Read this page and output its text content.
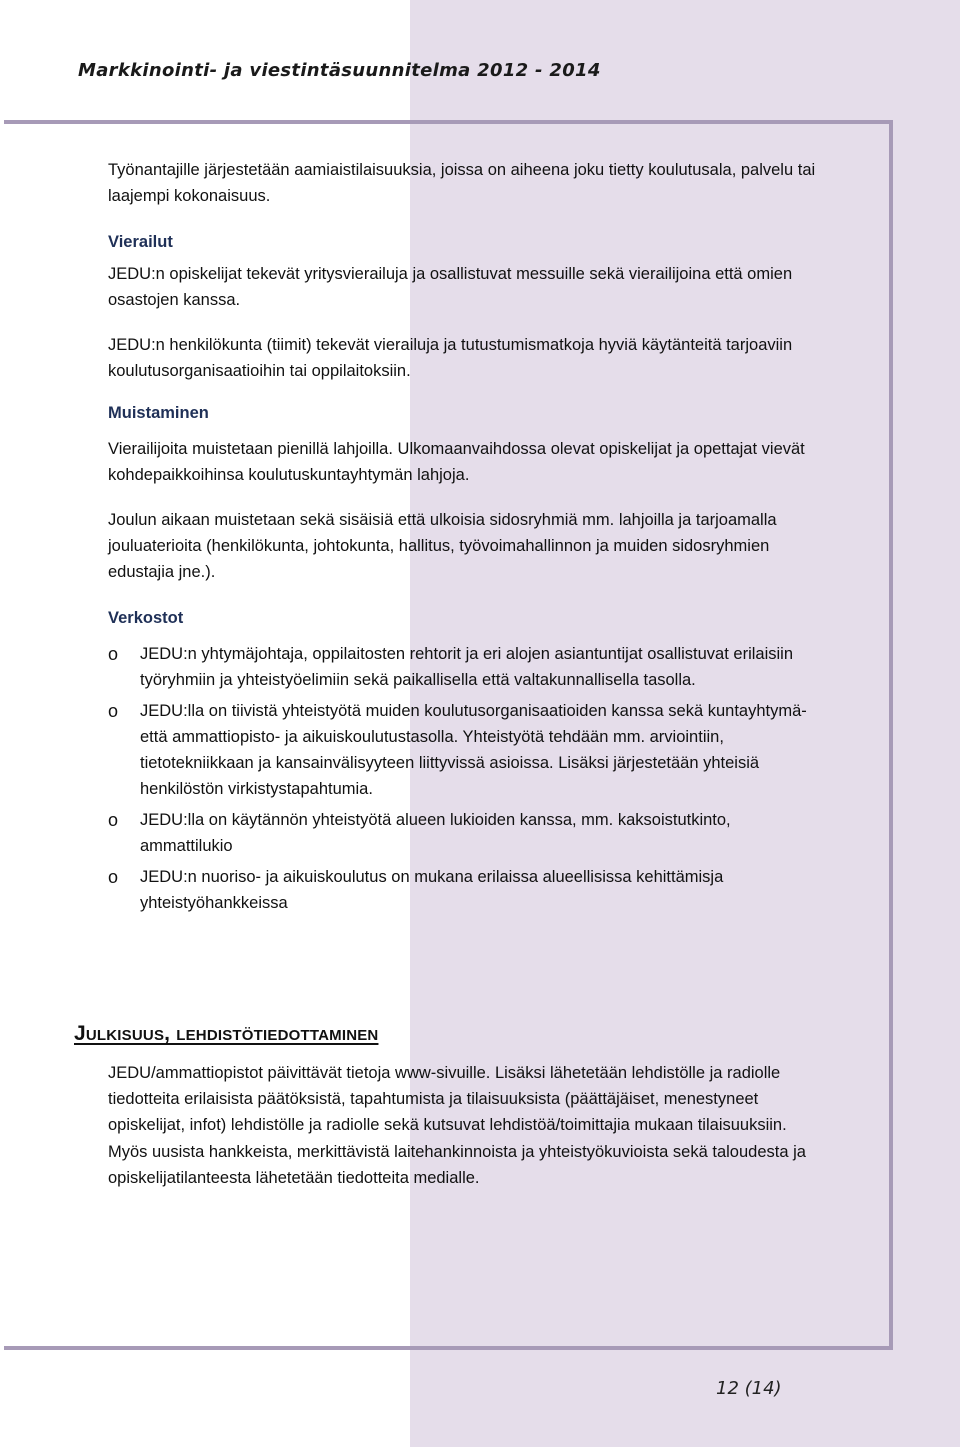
Markkinointi- ja viestintäsuunnitelma 2012 - 2014

Työnantajille järjestetään aamiaistilaisuuksia, joissa on aiheena joku tietty koulutusala, palvelu tai laajempi kokonaisuus.

Vierailut

JEDU:n opiskelijat tekevät yritysvierailuja ja osallistuvat messuille sekä vierailijoina että omien osastojen kanssa.

JEDU:n henkilökunta (tiimit) tekevät vierailuja ja tutustumismatkoja hyviä käytänteitä tarjoaviin koulutusorganisaatioihin tai oppilaitoksiin.

Muistaminen

Vierailijoita muistetaan pienillä lahjoilla. Ulkomaanvaihdossa olevat opiskelijat ja opettajat vievät kohdepaikkoihinsa koulutuskuntayhtymän lahjoja.

Joulun aikaan muistetaan sekä sisäisiä että ulkoisia sidosryhmiä mm. lahjoilla ja tarjoamalla jouluaterioita (henkilökunta, johtokunta, hallitus, työvoimahallinnon ja muiden sidosryhmien edustajia jne.).

Verkostot
o JEDU:n yhtymäjohtaja, oppilaitosten rehtorit ja eri alojen asiantuntijat osallistuvat erilaisiin työryhmiin ja yhteistyöelimiin sekä paikallisella että valtakunnallisella tasolla.
o JEDU:lla on tiivistä yhteistyötä muiden koulutusorganisaatioiden kanssa sekä kuntayhtymä- että ammattiopisto- ja aikuiskoulutustasolla. Yhteistyötä tehdään mm. arviointiin, tietotekniikkaan ja kansainvälisyyteen liittyvissä asioissa. Lisäksi järjestetään yhteisiä henkilöstön virkistystapahtumia.
o JEDU:lla on käytännön yhteistyötä alueen lukioiden kanssa, mm. kaksoistutkinto, ammattilukio
o JEDU:n nuoriso- ja aikuiskoulutus on mukana erilaissa alueellisissa kehittämisja yhteistyöhankkeissa
Julkisuus, lehdistötiedottaminen
JEDU/ammattiopistot päivittävät tietoja www-sivuille. Lisäksi lähetetään lehdistölle ja radiolle tiedotteita erilaisista päätöksistä, tapahtumista ja tilaisuuksista (päättäjäiset, menestyneet opiskelijat, infot) lehdistölle ja radiolle sekä kutsuvat lehdistöä/toimittajia mukaan tilaisuuksiin. Myös uusista hankkeista, merkittävistä laitehankinnoista ja yhteistyökuvioista sekä taloudesta ja opiskelijatilanteesta lähetetään tiedotteita medialle.
12 (14)
